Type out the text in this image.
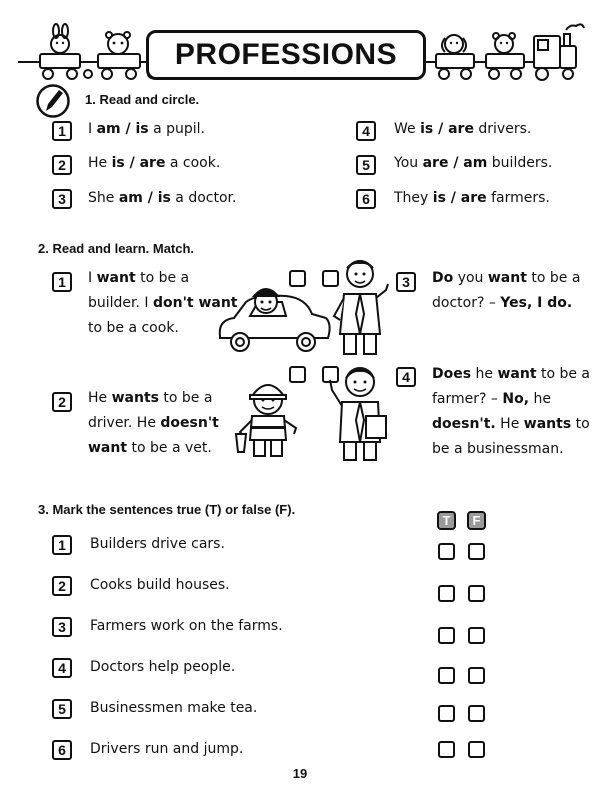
PROFESSIONS
1. Read and circle.
1 I am / is a pupil.
2 He is / are a cook.
3 She am / is a doctor.
4 We is / are drivers.
5 You are / am builders.
6 They is / are farmers.
2. Read and learn. Match.
1 I want to be a builder. I don't want to be a cook.
2 He wants to be a driver. He doesn't want to be a vet.
3 Do you want to be a doctor? – Yes, I do.
4 Does he want to be a farmer? – No, he doesn't. He wants to be a businessman.
3. Mark the sentences true (T) or false (F).
T F
1 Builders drive cars.
2 Cooks build houses.
3 Farmers work on the farms.
4 Doctors help people.
5 Businessmen make tea.
6 Drivers run and jump.
19
